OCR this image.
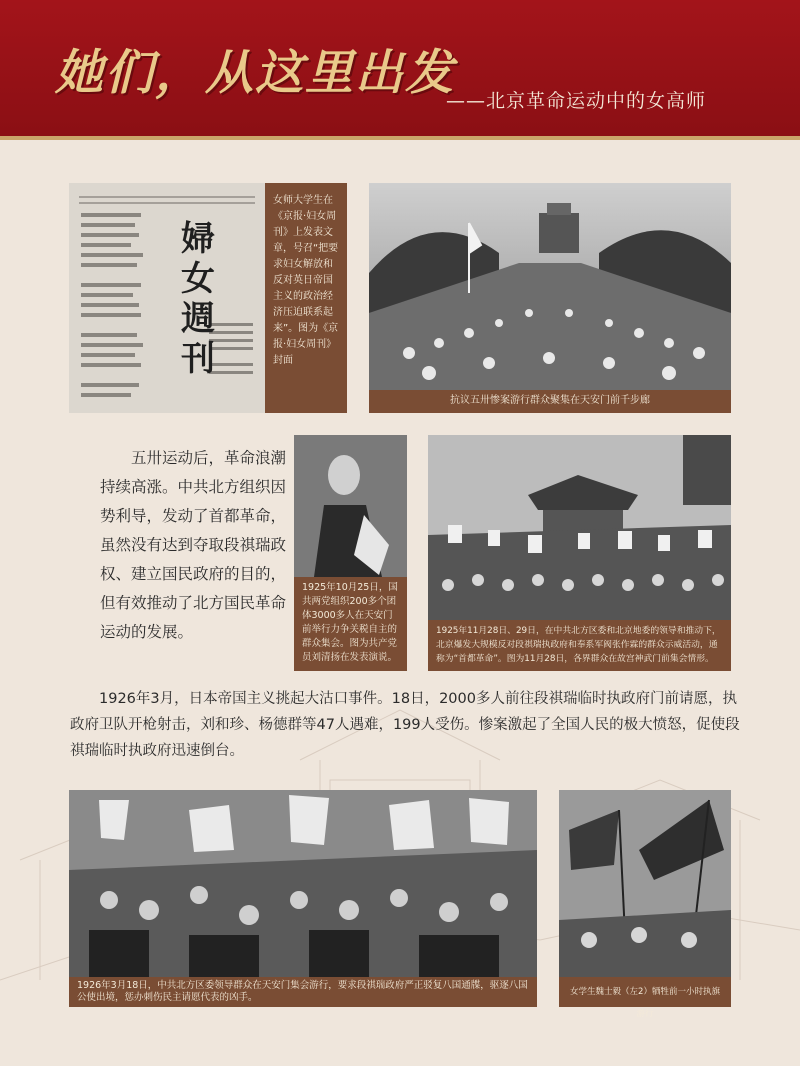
她们，从这里出发
——北京革命运动中的女高师
婦女週刊
女师大学生在《京报·妇女周刊》上发表文章，号召“把要求妇女解放和反对英日帝国主义的政治经济压迫联系起来”。图为《京报·妇女周刊》封面
抗议五卅惨案游行群众聚集在天安门前千步廊
五卅运动后，革命浪潮持续高涨。中共北方组织因势利导，发动了首都革命，虽然没有达到夺取段祺瑞政权、建立国民政府的目的，但有效推动了北方国民革命运动的发展。
1925年10月25日，国共两党组织200多个团体3000多人在天安门前举行力争关税自主的群众集会。图为共产党员刘清扬在发表演说。
1925年11月28日、29日，在中共北方区委和北京地委的领导和推动下，北京爆发大规模反对段祺瑞执政府和奉系军阀张作霖的群众示威活动，通称为“首都革命”。图为11月28日，各界群众在故宫神武门前集会情形。
1926年3月，日本帝国主义挑起大沽口事件。18日，2000多人前往段祺瑞临时执政府门前请愿，执政府卫队开枪射击，刘和珍、杨德群等47人遇难，199人受伤。惨案激起了全国人民的极大愤怒，促使段祺瑞临时执政府迅速倒台。
1926年3月18日，中共北方区委领导群众在天安门集会游行，要求段祺瑞政府严正驳复八国通牒，驱逐八国公使出境，惩办刺伤民主请愿代表的凶手。	女学生魏士毅（左2）牺牲前一小时执旗游行
